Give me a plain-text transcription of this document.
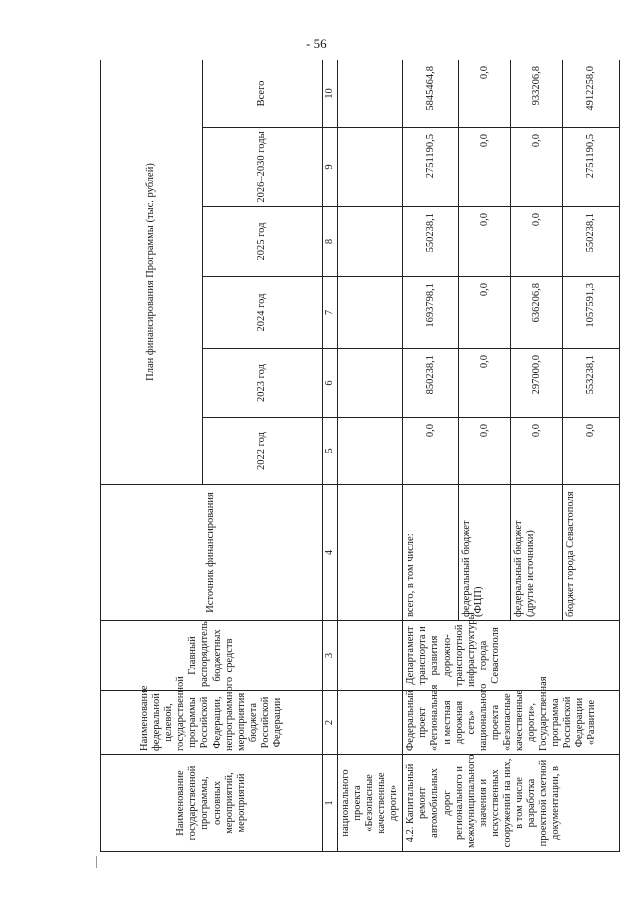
- 56
Наименование государственной программы, основных мероприятий, мероприятий	Наименование федеральной целевой, государственной программы Российской Федерации, непрограммного мероприятия бюджета Российской Федерации	Главный распорядитель бюджетных средств	Источник финансирования	План финансирования Программы (тыс. рублей)					
				2022 год	2023 год	2024 год	2025 год	2026–2030 годы	Всего
1	2	3	4	5	6	7	8	9	10
национального проекта «Безопасные качественные дороги»									
4.2. Капитальный ремонт автомобильных дорог регионального и межмуниципального значения и искусственных сооружений на них, в том числе разработка проектной сметной документации, в	Федеральный проект «Региональная и местная дорожная сеть» национального проекта «Безопасные качественные дороги», Государственная программа Российской Федерации «Развитие	Департамент транспорта и развития дорожно-транспортной инфраструктуры города Севастополя	всего, в том числе:	0,0	850238,1	1693798,1	550238,1	2751190,5	5845464,8
			федеральный бюджет (ФЦП)	0,0	0,0	0,0	0,0	0,0	0,0
			федеральный бюджет (другие источники)	0,0	297000,0	636206,8	0,0	0,0	933206,8
			бюджет города Севастополя	0,0	553238,1	1057591,3	550238,1	2751190,5	4912258,0
